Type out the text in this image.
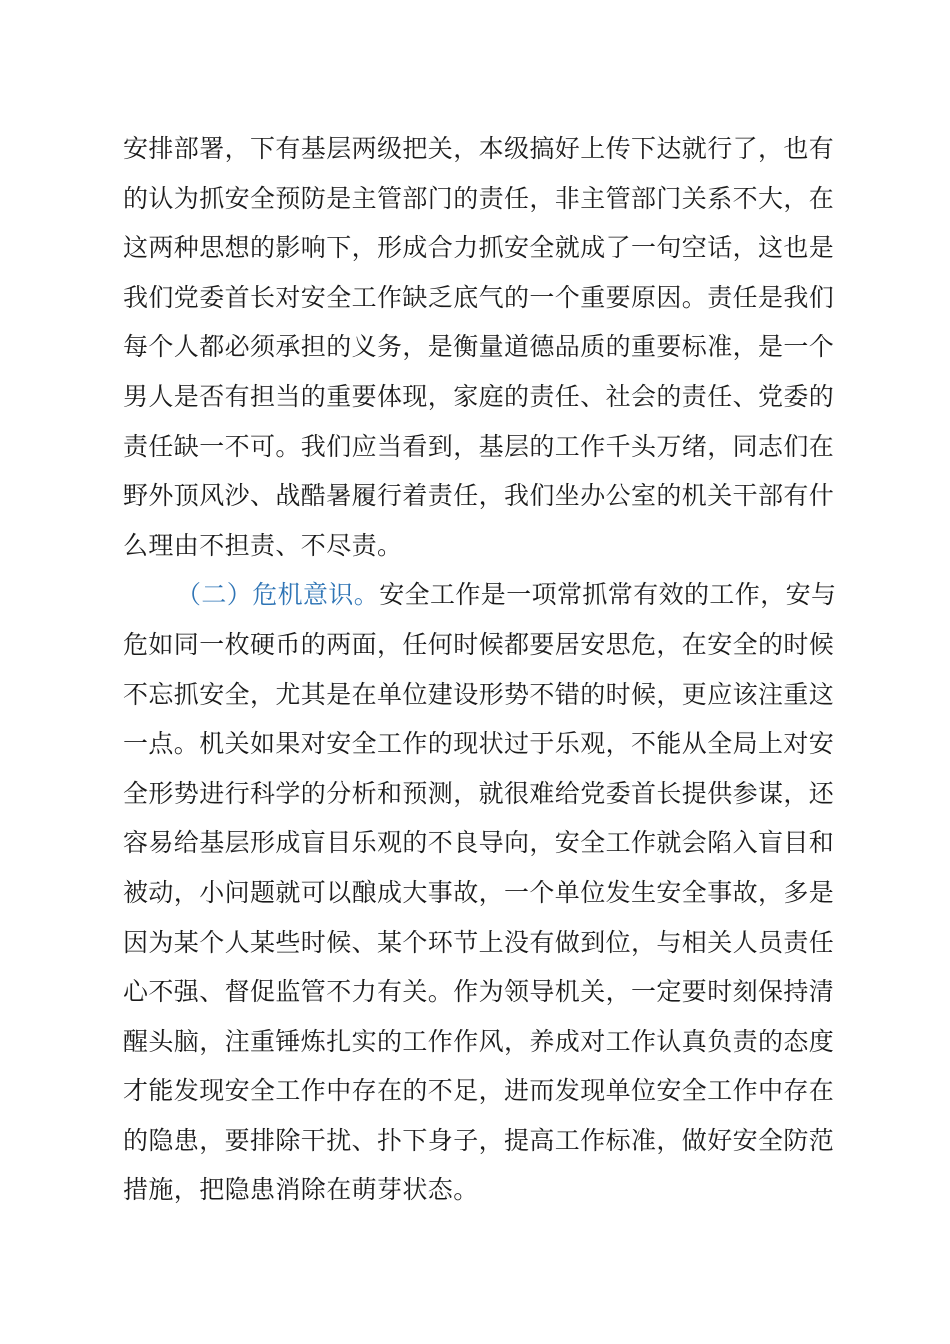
安排部署，下有基层两级把关，本级搞好上传下达就行了，也有
的认为抓安全预防是主管部门的责任，非主管部门关系不大，在
这两种思想的影响下，形成合力抓安全就成了一句空话，这也是
我们党委首长对安全工作缺乏底气的一个重要原因。责任是我们
每个人都必须承担的义务，是衡量道德品质的重要标准，是一个
男人是否有担当的重要体现，家庭的责任、社会的责任、党委的
责任缺一不可。我们应当看到，基层的工作千头万绪，同志们在
野外顶风沙、战酷暑履行着责任，我们坐办公室的机关干部有什
么理由不担责、不尽责。
（二）危机意识。安全工作是一项常抓常有效的工作，安与
危如同一枚硬币的两面，任何时候都要居安思危，在安全的时候
不忘抓安全，尤其是在单位建设形势不错的时候，更应该注重这
一点。机关如果对安全工作的现状过于乐观，不能从全局上对安
全形势进行科学的分析和预测，就很难给党委首长提供参谋，还
容易给基层形成盲目乐观的不良导向，安全工作就会陷入盲目和
被动，小问题就可以酿成大事故，一个单位发生安全事故，多是
因为某个人某些时候、某个环节上没有做到位，与相关人员责任
心不强、督促监管不力有关。作为领导机关，一定要时刻保持清
醒头脑，注重锤炼扎实的工作作风，养成对工作认真负责的态度
才能发现安全工作中存在的不足，进而发现单位安全工作中存在
的隐患，要排除干扰、扑下身子，提高工作标准，做好安全防范
措施，把隐患消除在萌芽状态。
